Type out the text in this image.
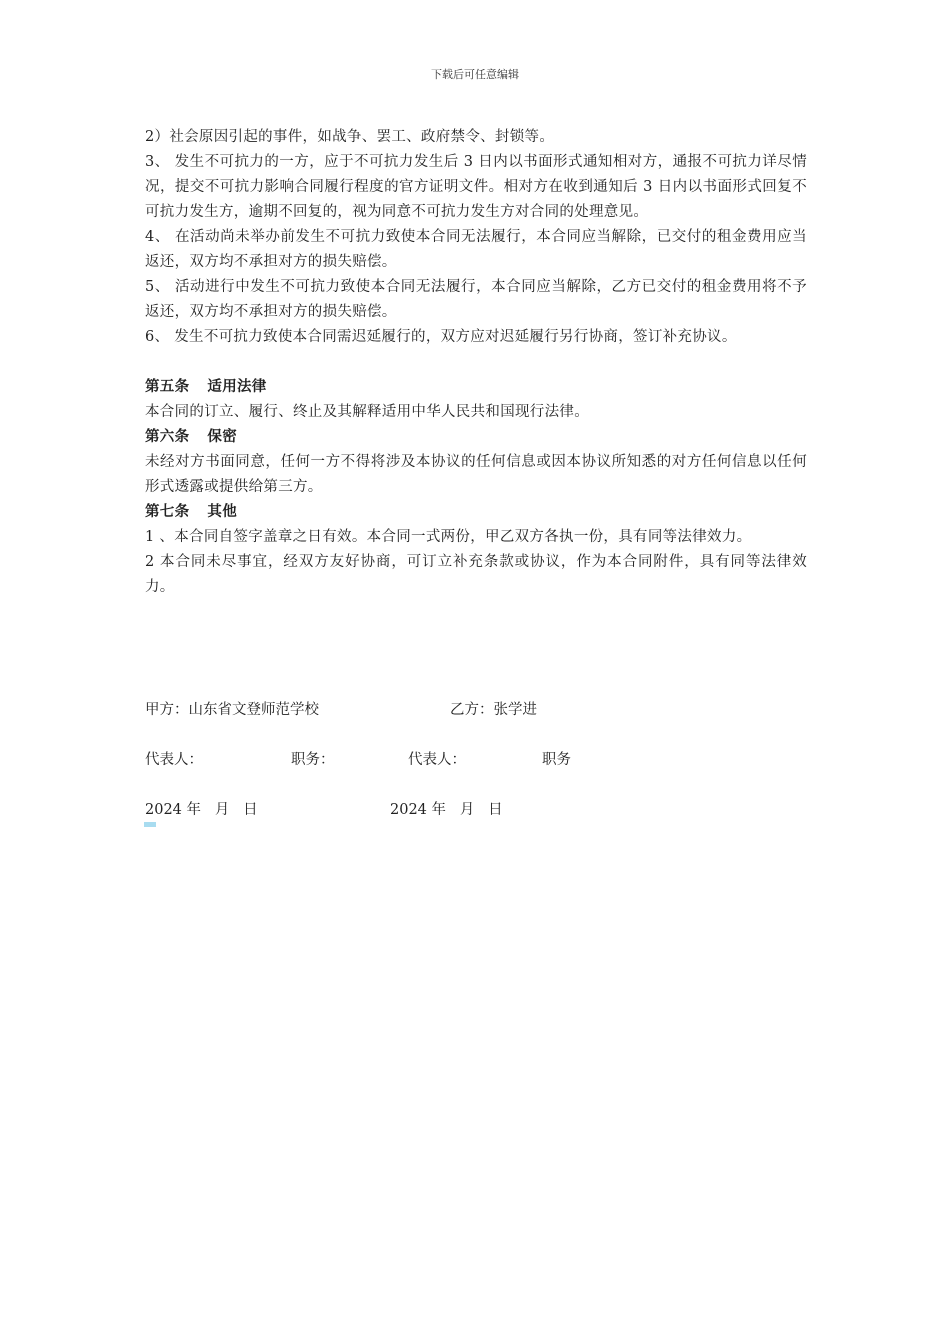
下载后可任意编辑

2）社会原因引起的事件，如战争、罢工、政府禁令、封锁等。

3、 发生不可抗力的一方，应于不可抗力发生后 3 日内以书面形式通知相对方，通报不可抗力详尽情况，提交不可抗力影响合同履行程度的官方证明文件。相对方在收到通知后 3 日内以书面形式回复不可抗力发生方，逾期不回复的，视为同意不可抗力发生方对合同的处理意见。

4、 在活动尚未举办前发生不可抗力致使本合同无法履行，本合同应当解除，已交付的租金费用应当返还，双方均不承担对方的损失赔偿。

5、 活动进行中发生不可抗力致使本合同无法履行，本合同应当解除，乙方已交付的租金费用将不予返还，双方均不承担对方的损失赔偿。

6、 发生不可抗力致使本合同需迟延履行的，双方应对迟延履行另行协商，签订补充协议。

第五条 适用法律

本合同的订立、履行、终止及其解释适用中华人民共和国现行法律。

第六条 保密

未经对方书面同意，任何一方不得将涉及本协议的任何信息或因本协议所知悉的对方任何信息以任何形式透露或提供给第三方。

第七条 其他

1 、本合同自签字盖章之日有效。本合同一式两份，甲乙双方各执一份，具有同等法律效力。

2 本合同未尽事宜，经双方友好协商，可订立补充条款或协议，作为本合同附件，具有同等法律效力。

甲方：山东省文登师范学校	乙方：张学进
代表人：	职务：	代表人：	职务
2024 年   月   日	2024 年   月   日
